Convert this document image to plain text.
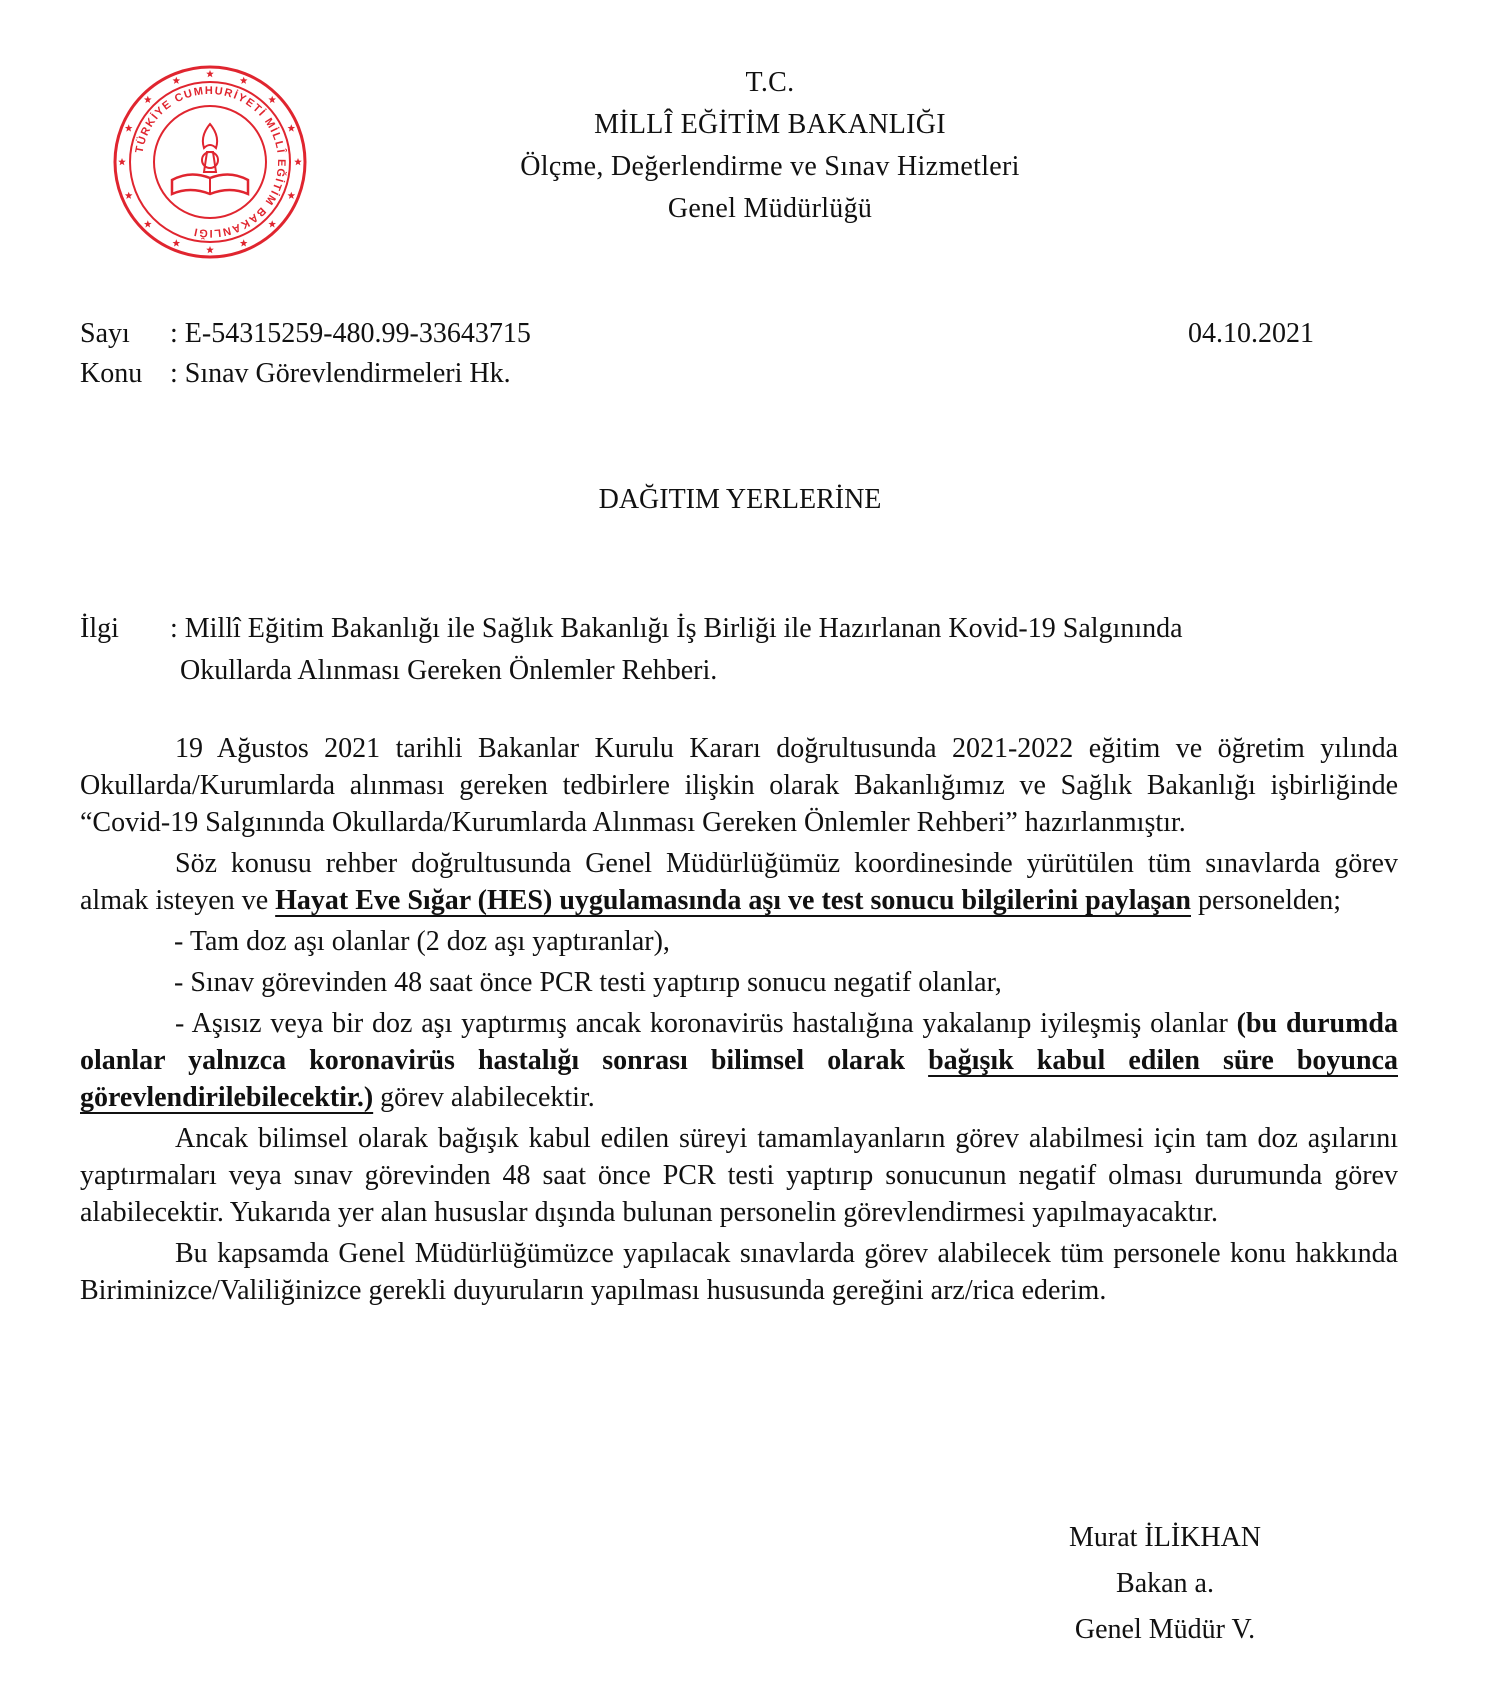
TÜRKİYE CUMHURİYETİ MİLLÎ EĞİTİM BAKANLIĞI
T.C.
MİLLÎ EĞİTİM BAKANLIĞI
Ölçme, Değerlendirme ve Sınav Hizmetleri
Genel Müdürlüğü
Sayı : E-54315259-480.99-33643715
Konu : Sınav Görevlendirmeleri Hk.
04.10.2021
DAĞITIM YERLERİNE
İlgi : Millî Eğitim Bakanlığı ile Sağlık Bakanlığı İş Birliği ile Hazırlanan Kovid-19 Salgınında
Okullarda Alınması Gereken Önlemler Rehberi.

19 Ağustos 2021 tarihli Bakanlar Kurulu Kararı doğrultusunda 2021-2022 eğitim ve öğretim yılında Okullarda/Kurumlarda alınması gereken tedbirlere ilişkin olarak Bakanlığımız ve Sağlık Bakanlığı işbirliğinde “Covid-19 Salgınında Okullarda/Kurumlarda Alınması Gereken Önlemler Rehberi” hazırlanmıştır.

Söz konusu rehber doğrultusunda Genel Müdürlüğümüz koordinesinde yürütülen tüm sınavlarda görev almak isteyen ve Hayat Eve Sığar (HES) uygulamasında aşı ve test sonucu bilgilerini paylaşan personelden;

- Tam doz aşı olanlar (2 doz aşı yaptıranlar),

- Sınav görevinden 48 saat önce PCR testi yaptırıp sonucu negatif olanlar,

- Aşısız veya bir doz aşı yaptırmış ancak koronavirüs hastalığına yakalanıp iyileşmiş olanlar (bu durumda olanlar yalnızca koronavirüs hastalığı sonrası bilimsel olarak bağışık kabul edilen süre boyunca görevlendirilebilecektir.) görev alabilecektir.

Ancak bilimsel olarak bağışık kabul edilen süreyi tamamlayanların görev alabilmesi için tam doz aşılarını yaptırmaları veya sınav görevinden 48 saat önce PCR testi yaptırıp sonucunun negatif olması durumunda görev alabilecektir. Yukarıda yer alan hususlar dışında bulunan personelin görevlendirmesi yapılmayacaktır.

Bu kapsamda Genel Müdürlüğümüzce yapılacak sınavlarda görev alabilecek tüm personele konu hakkında Biriminizce/Valiliğinizce gerekli duyuruların yapılması hususunda gereğini arz/rica ederim.

Murat İLİKHAN
Bakan a.
Genel Müdür V.
